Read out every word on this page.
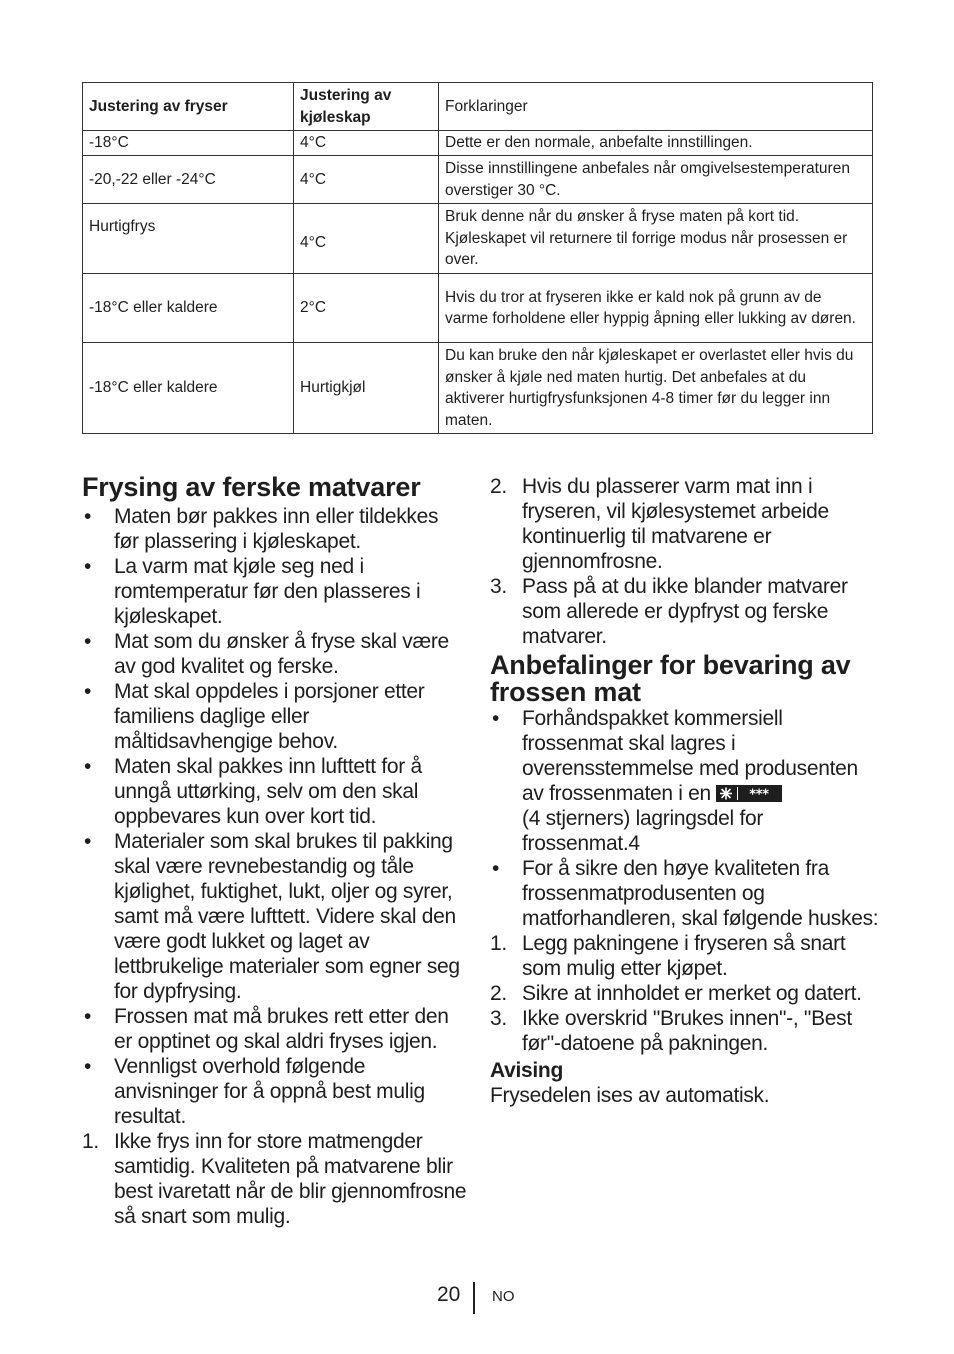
Justering av fryser	Justering av kjøleskap	Forklaringer
-18°C	4°C	Dette er den normale, anbefalte innstillingen.
-20,-22 eller -24°C	4°C	Disse innstillingene anbefales når omgivelsestemperaturen overstiger 30 °C.
Hurtigfrys	4°C	Bruk denne når du ønsker å fryse maten på kort tid. Kjøleskapet vil returnere til forrige modus når prosessen er over.
-18°C eller kaldere	2°C	Hvis du tror at fryseren ikke er kald nok på grunn av de varme forholdene eller hyppig åpning eller lukking av døren.
-18°C eller kaldere	Hurtigkjøl	Du kan bruke den når kjøleskapet er overlastet eller hvis du ønsker å kjøle ned maten hurtig. Det anbefales at du aktiverer hurtigfrysfunksjonen 4-8 timer før du legger inn maten.
Frysing av ferske matvarer
•	Maten bør pakkes inn eller tildekkes før plassering i kjøleskapet.
•	La varm mat kjøle seg ned i romtemperatur før den plasseres i kjøleskapet.
•	Mat som du ønsker å fryse skal være av god kvalitet og ferske.
•	Mat skal oppdeles i porsjoner etter familiens daglige eller måltidsavhengige behov.
•	Maten skal pakkes inn lufttett for å unngå uttørking, selv om den skal oppbevares kun over kort tid.
•	Materialer som skal brukes til pakking skal være revnebestandig og tåle kjølighet, fuktighet, lukt, oljer og syrer, samt må være lufttett. Videre skal den være godt lukket og laget av lettbrukelige materialer som egner seg for dypfrysing.
•	Frossen mat må brukes rett etter den er opptinet og skal aldri fryses igjen.
•	Vennligst overhold følgende anvisninger for å oppnå best mulig resultat.
1. Ikke frys inn for store matmengder samtidig. Kvaliteten på matvarene blir best ivaretatt når de blir gjennomfrosne så snart som mulig.
2. Hvis du plasserer varm mat inn i fryseren, vil kjølesystemet arbeide kontinuerlig til matvarene er gjennomfrosne.
3. Pass på at du ikke blander matvarer som allerede er dypfryst og ferske matvarer.
Anbefalinger for bevaring av frossen mat
•	Forhåndspakket kommersiell frossenmat skal lagres i overensstemmelse med produsenten av frossenmaten i en	***

(4 stjerners) lagringsdel for frossenmat.4
•	For å sikre den høye kvaliteten fra frossenmatprodusenten og matforhandleren, skal følgende huskes:
1. Legg pakningene i fryseren så snart som mulig etter kjøpet.
2. Sikre at innholdet er merket og datert.
3. Ikke overskrid "Brukes innen"-, "Best før"-datoene på pakningen.
Avising

Frysedelen ises av automatisk.

20 NO
